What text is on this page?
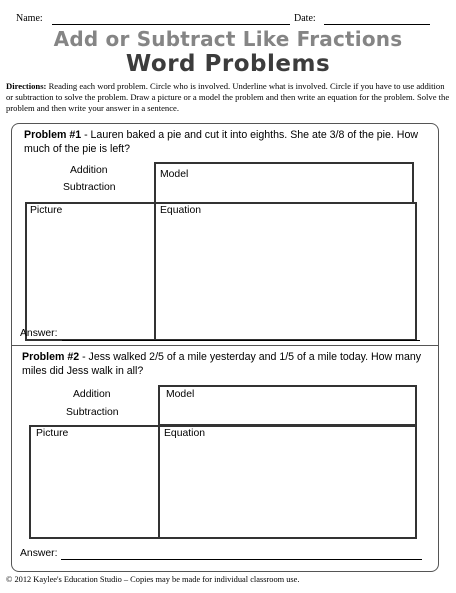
Name:	Date:
Add or Subtract Like Fractions
Word Problems
Directions: Reading each word problem. Circle who is involved. Underline what is involved. Circle if you have to use addition or subtraction to solve the problem. Draw a picture or a model the problem and then write an equation for the problem. Solve the problem and then write your answer in a sentence.
Problem #1 - Lauren baked a pie and cut it into eighths. She ate 3/8 of the pie. How much of the pie is left?
Addition
Subtraction
Model
Picture	Equation
Answer:
Problem #2 - Jess walked 2/5 of a mile yesterday and 1/5 of a mile today. How many miles did Jess walk in all?
Addition
Subtraction
Model
Picture	Equation
Answer:
© 2012 Kaylee's Education Studio – Copies may be made for individual classroom use.
